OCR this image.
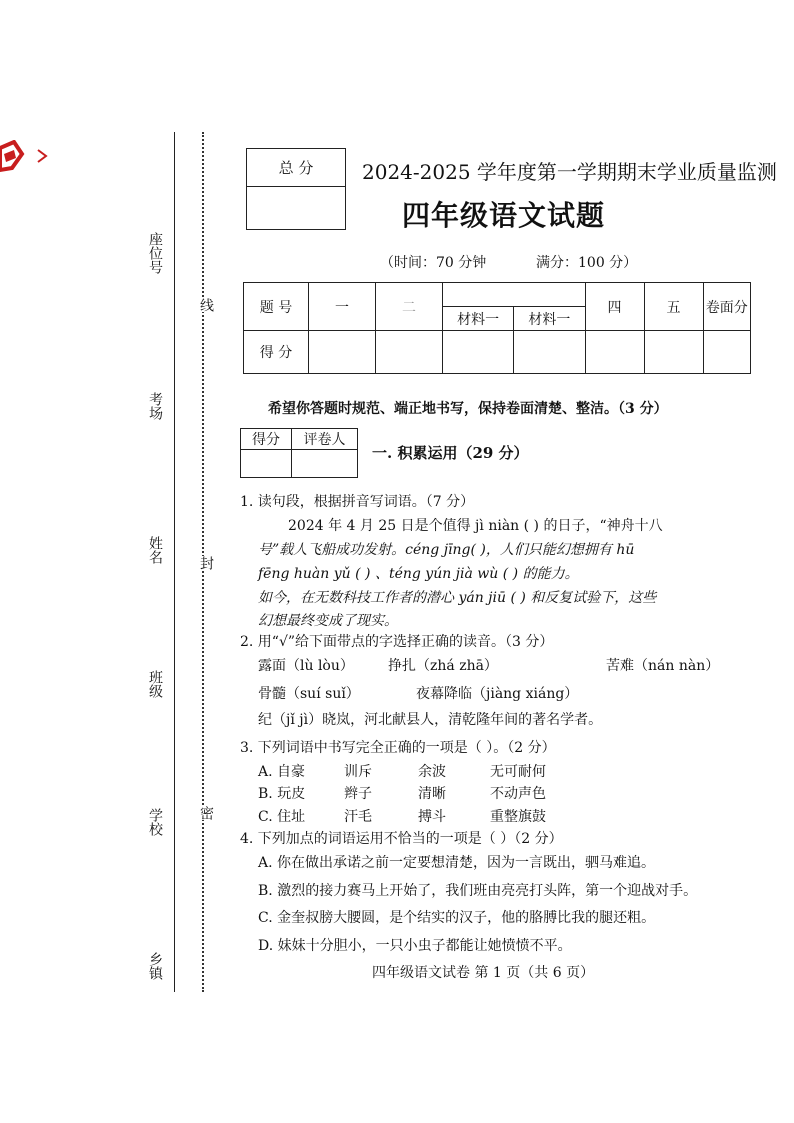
座位号
考场
姓名
班级
学校
乡镇
线
封
密
总 分 2024-2025 学年度第一学期期末学业质量监测
四年级语文试题
（时间：70 分钟	满分：100 分）
题 号	一	二			四	五	卷面分
			材料一	材料一			
得 分							
希望你答题时规范、端正地书写，保持卷面清楚、整洁。（3 分）
得分	评卷人

一. 积累运用（29 分）
1. 读句段，根据拼音写词语。（7 分）
2024 年 4 月 25 日是个值得 jì niàn ( ) 的日子，“神舟十八
号”载人飞船成功发射。céng jīng( )，人们只能幻想拥有 hū
fēng huàn yǔ ( ) 、téng yún jià wù ( ) 的能力。
如今，在无数科技工作者的潜心 yán jiū ( ) 和反复试验下，这些
幻想最终变成了现实。
2. 用“√”给下面带点的字选择正确的读音。（3 分）
露面（lù lòu） 挣扎（zhá zhā）	苦难（nán nàn）
骨髓（suí suǐ）	夜幕降临（jiàng xiáng）
纪（jǐ jì）晓岚，河北献县人，清乾隆年间的著名学者。
3. 下列词语中书写完全正确的一项是（ ）。（2 分）
A. 自豪	训斥	余波	无可耐何
B. 玩皮	辫子	清晰	不动声色
C. 住址	汗毛	搏斗	重整旗鼓
4. 下列加点的词语运用不恰当的一项是（ ）（2 分）
A. 你在做出承诺之前一定要想清楚，因为一言既出，驷马难追。
B. 激烈的接力赛马上开始了，我们班由亮亮打头阵，第一个迎战对手。
C. 金奎叔膀大腰圆，是个结实的汉子，他的胳膊比我的腿还粗。
D. 妹妹十分胆小，一只小虫子都能让她愤愤不平。
四年级语文试卷 第 1 页（共 6 页）
